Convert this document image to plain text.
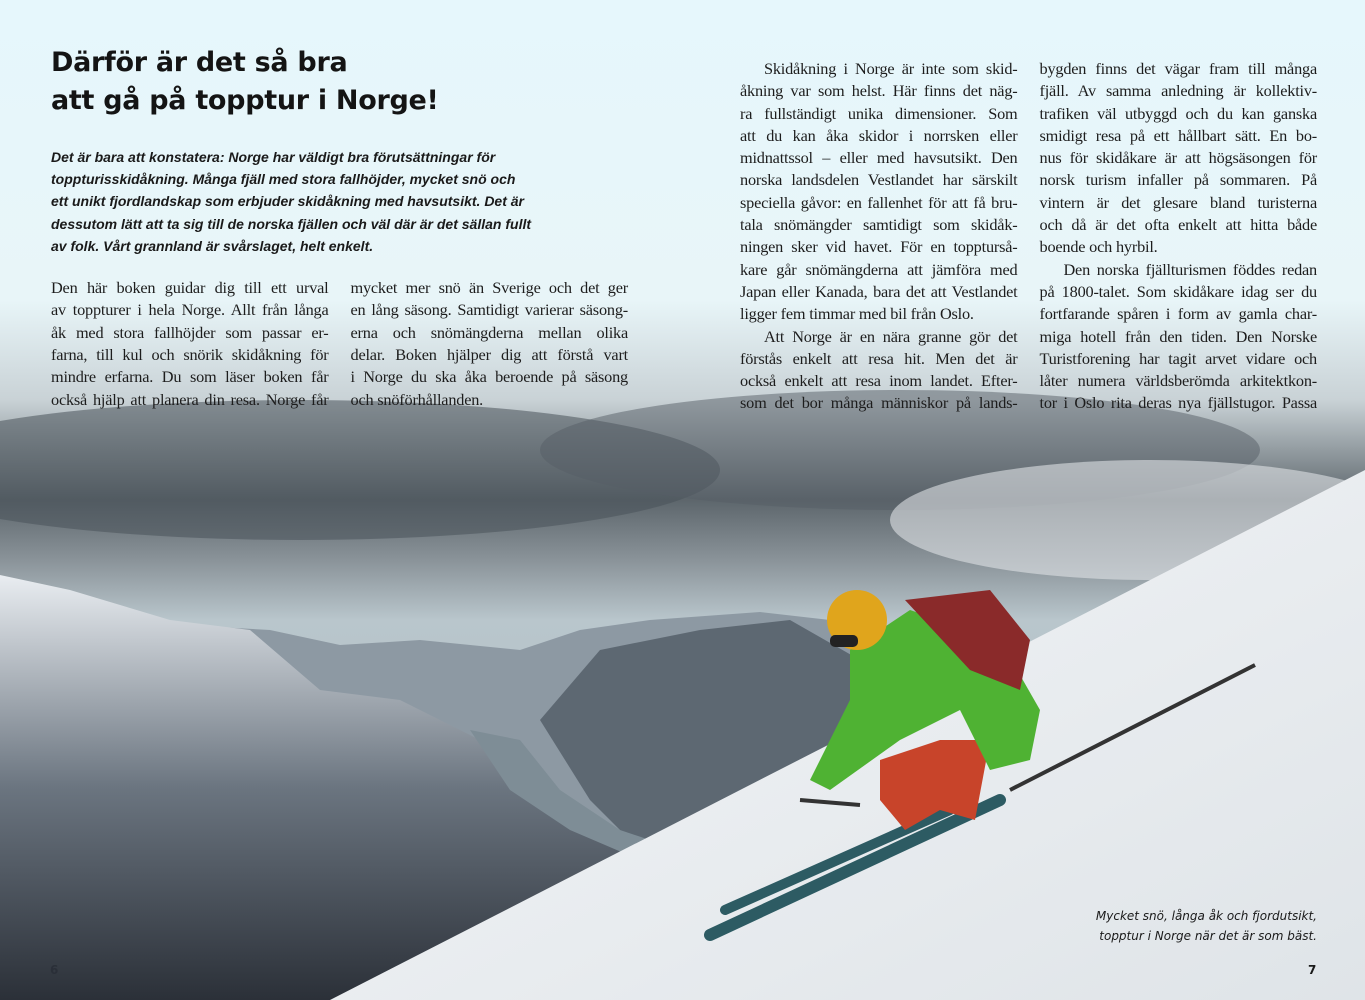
Därför är det så bra
att gå på topptur i Norge!
Det är bara att konstatera: Norge har väldigt bra förutsättningar för
toppturisskidåkning. Många fjäll med stora fallhöjder, mycket snö och
ett unikt fjordlandskap som erbjuder skidåkning med havsutsikt. Det är
dessutom lätt att ta sig till de norska fjällen och väl där är det sällan fullt
av folk. Vårt grannland är svårslaget, helt enkelt.
Den här boken guidar dig till ett urval
av toppturer i hela Norge. Allt från långa
åk med stora fallhöjder som passar er-
farna, till kul och snörik skidåkning för
mindre erfarna. Du som läser boken får
också hjälp att planera din resa. Norge får
mycket mer snö än Sverige och det ger
en lång säsong. Samtidigt varierar säsong-
erna och snömängderna mellan olika
delar. Boken hjälper dig att förstå vart
i Norge du ska åka beroende på säsong
och snöförhållanden.
Skidåkning i Norge är inte som skid-
åkning var som helst. Här finns det näg-
ra fullständigt unika dimensioner. Som
att du kan åka skidor i norrsken eller
midnattssol – eller med havsutsikt. Den
norska landsdelen Vestlandet har särskilt
speciella gåvor: en fallenhet för att få bru-
tala snömängder samtidigt som skidåk-
ningen sker vid havet. För en toppturså-
kare går snömängderna att jämföra med
Japan eller Kanada, bara det att Vestlandet
ligger fem timmar med bil från Oslo.
Att Norge är en nära granne gör det
förstås enkelt att resa hit. Men det är
också enkelt att resa inom landet. Efter-
som det bor många människor på lands-
bygden finns det vägar fram till många
fjäll. Av samma anledning är kollektiv-
trafiken väl utbyggd och du kan ganska
smidigt resa på ett hållbart sätt. En bo-
nus för skidåkare är att högsäsongen för
norsk turism infaller på sommaren. På
vintern är det glesare bland turisterna
och då är det ofta enkelt att hitta både
boende och hyrbil.
Den norska fjällturismen föddes redan
på 1800-talet. Som skidåkare idag ser du
fortfarande spåren i form av gamla char-
miga hotell från den tiden. Den Norske
Turistforening har tagit arvet vidare och
låter numera världsberömda arkitektkon-
tor i Oslo rita deras nya fjällstugor. Passa
Mycket snö, långa åk och fjordutsikt,
topptur i Norge när det är som bäst.
6	7
